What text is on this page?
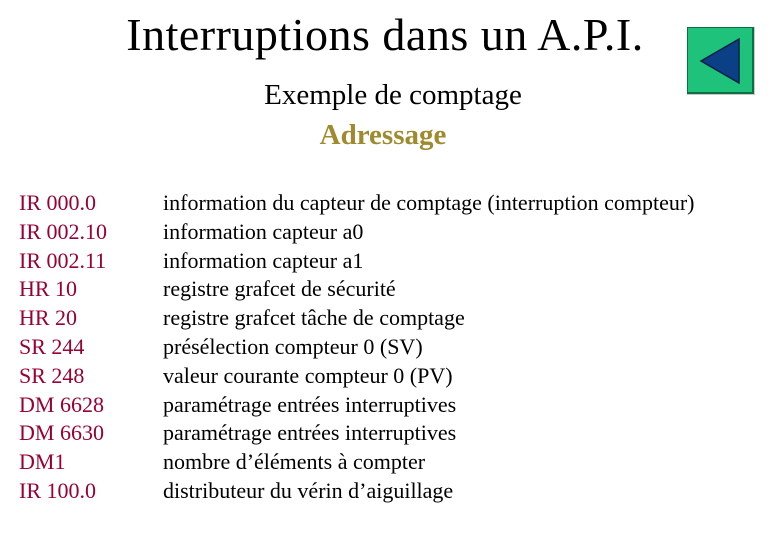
Interruptions dans un A.P.I.
Exemple de comptage
Adressage
IR 000.0	information du capteur de comptage (interruption compteur)
IR 002.10	information capteur a0
IR 002.11	information capteur a1
HR 10	registre grafcet de sécurité
HR 20	registre grafcet tâche de comptage
SR 244	présélection compteur 0 (SV)
SR 248	valeur courante compteur 0 (PV)
DM 6628	paramétrage entrées interruptives
DM 6630	paramétrage entrées interruptives
DM1	nombre d’éléments à compter
IR 100.0	distributeur du vérin d’aiguillage
